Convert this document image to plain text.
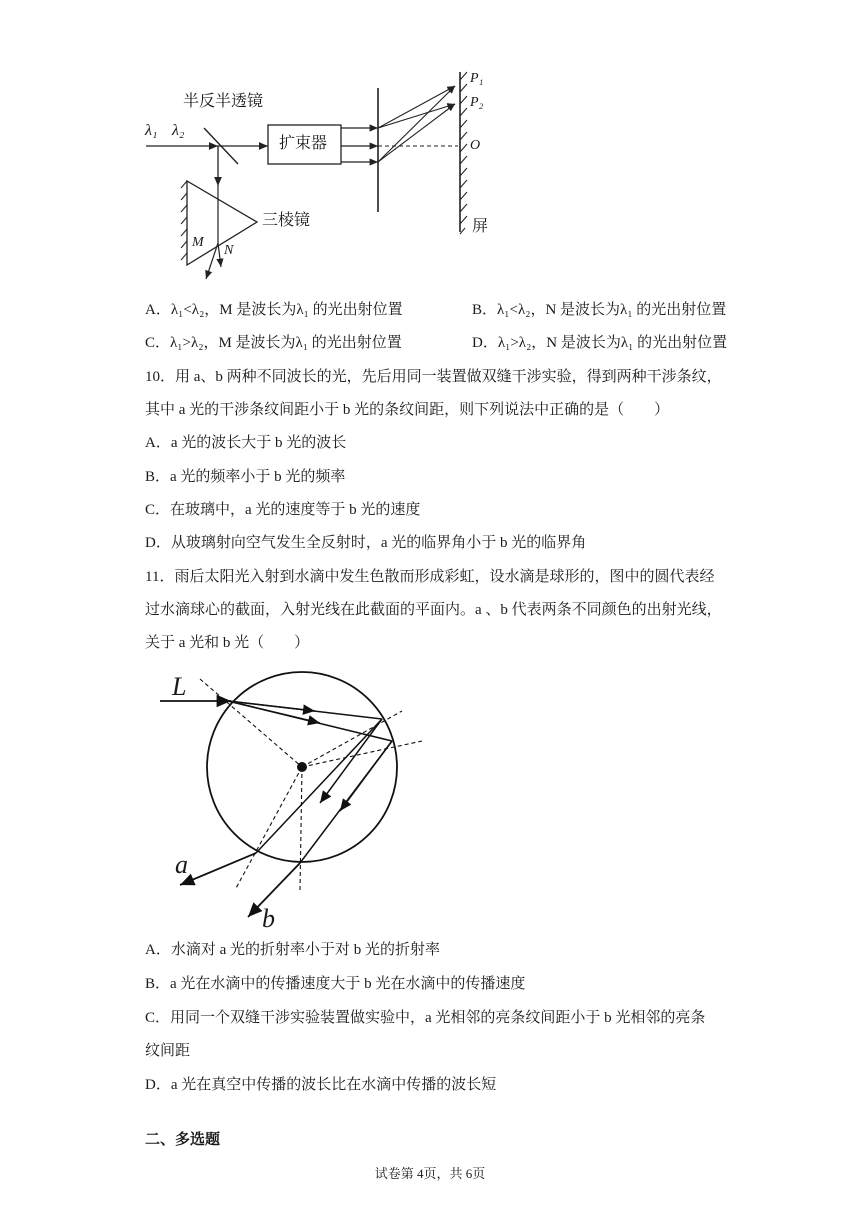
半反半透镜
λ₁ λ₂
扩束器
三棱镜
M
N
P₁
P₂
O
屏
A．λ₁<λ₂，M 是波长为λ₁ 的光出射位置	B．λ₁<λ₂，N 是波长为λ₁ 的光出射位置
C．λ₁>λ₂，M 是波长为λ₁ 的光出射位置	D．λ₁>λ₂，N 是波长为λ₁ 的光出射位置
10．用 a、b 两种不同波长的光，先后用同一装置做双缝干涉实验，得到两种干涉条纹，
其中 a 光的干涉条纹间距小于 b 光的条纹间距，则下列说法中正确的是（　　）
A．a 光的波长大于 b 光的波长
B．a 光的频率小于 b 光的频率
C．在玻璃中，a 光的速度等于 b 光的速度
D．从玻璃射向空气发生全反射时，a 光的临界角小于 b 光的临界角
11．雨后太阳光入射到水滴中发生色散而形成彩虹，设水滴是球形的，图中的圆代表经
过水滴球心的截面，入射光线在此截面的平面内。a 、b 代表两条不同颜色的出射光线，
关于 a 光和 b 光（　　）
L
a
b
A．水滴对 a 光的折射率小于对 b 光的折射率
B．a 光在水滴中的传播速度大于 b 光在水滴中的传播速度
C．用同一个双缝干涉实验装置做实验中，a 光相邻的亮条纹间距小于 b 光相邻的亮条
纹间距
D．a 光在真空中传播的波长比在水滴中传播的波长短
二、多选题
试卷第 4页，共 6页
